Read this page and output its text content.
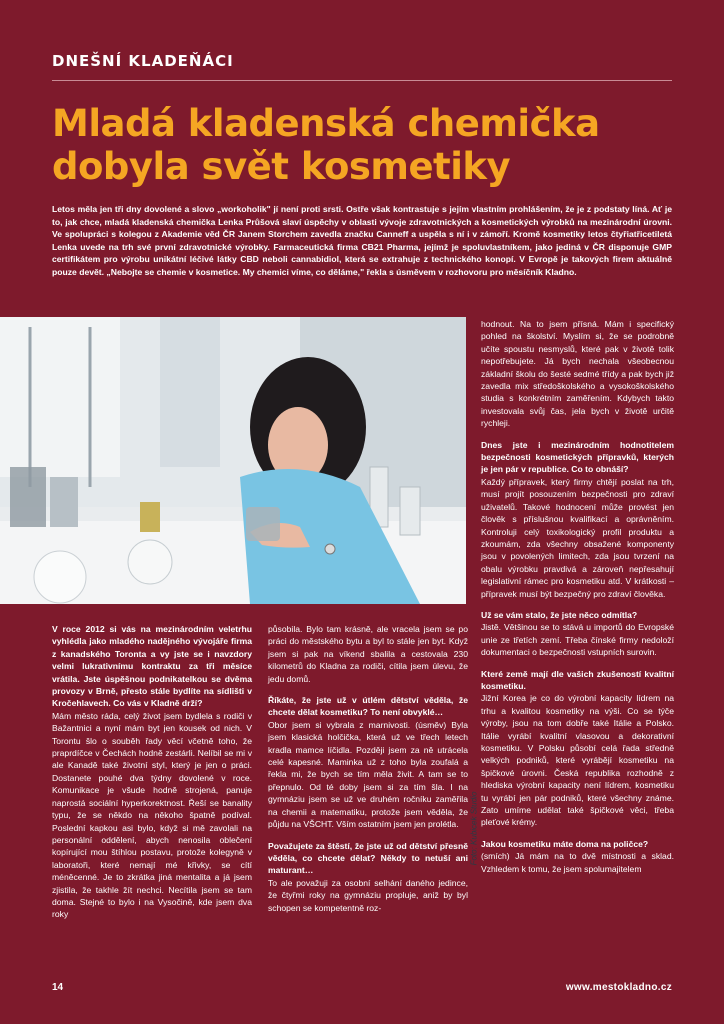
DNEŠNÍ KLADEŇÁCI
Mladá kladenská chemička
dobyla svět kosmetiky

Letos měla jen tři dny dovolené a slovo „workoholik" jí není proti srsti. Ostře však kontrastuje s jejím vlastním prohlášením, že je z podstaty líná. Ať je to, jak chce, mladá kladenská chemička Lenka Průšová slaví úspěchy v oblasti vývoje zdravotnických a kosmetických výrobků na mezinárodní úrovni. Ve spolupráci s kolegou z Akademie věd ČR Janem Storchem zavedla značku Canneff a uspěla s ní i v zámoří. Kromě kosmetiky letos čtyřiatřicetiletá Lenka uvede na trh své první zdravotnické výrobky. Farmaceutická firma CB21 Pharma, jejímž je spoluvlastníkem, jako jediná v ČR disponuje GMP certifikátem pro výrobu unikátní léčivé látky CBD neboli cannabidiol, která se extrahuje z technického konopí. V Evropě je takových firem aktuálně pouze devět. „Nebojte se chemie v kosmetice. My chemici víme, co děláme," řekla s úsměvem v rozhovoru pro měsíčník Kladno.

Foto: Kubicek Studio

hodnout. Na to jsem přísná. Mám i specifický pohled na školství. Myslím si, že se podrobně učíte spoustu nesmyslů, které pak v životě tolik nepotřebujete. Já bych nechala všeobecnou základní školu do šesté sedmé třídy a pak bych již zavedla mix středoškolského a vysokoškolského studia s konkrétním zaměřením. Kdybych takto investovala svůj čas, jela bych v životě určitě rychleji.

Dnes jste i mezinárodním hodnotitelem bezpečnosti kosmetických přípravků, kterých je jen pár v republice. Co to obnáší?
Každý přípravek, který firmy chtějí poslat na trh, musí projít posouzením bezpečnosti pro zdraví uživatelů. Takové hodnocení může provést jen člověk s příslušnou kvalifikací a oprávněním. Kontroluji celý toxikologický profil produktu a zkoumám, zda všechny obsažené komponenty jsou v povolených limitech, zda jsou tvrzení na obalu výrobku pravdivá a zároveň nepřesahují legislativní rámec pro kosmetiku atd. V krátkosti – přípravek musí být bezpečný pro zdraví člověka.

Už se vám stalo, že jste něco odmítla?
Jistě. Většinou se to stává u importů do Evropské unie ze třetích zemí. Třeba čínské firmy nedoloží dokumentaci o bezpečnosti vstupních surovin.

Které země mají dle vašich zkušeností kvalitní kosmetiku.
Jižní Korea je co do výrobní kapacity lídrem na trhu a kvalitou kosmetiky na výši. Co se týče výroby, jsou na tom dobře také Itálie a Polsko. Itálie vyrábí kvalitní vlasovou a dekorativní kosmetiku. V Polsku působí celá řada středně velkých podniků, které vyrábějí kosmetiku na špičkové úrovni. Česká republika rozhodně z hlediska výrobní kapacity není lídrem, kosmetiku tu vyrábí jen pár podniků, které všechny známe. Zato umíme udělat také špičkové věci, třeba pleťové krémy.

Jakou kosmetiku máte doma na poličce?
(smích) Já mám na to dvě místnosti a sklad. Vzhledem k tomu, že jsem spolumajitelem

V roce 2012 si vás na mezinárodním veletrhu vyhlédla jako mladého nadějného vývojáře firma z kanadského Toronta a vy jste se i navzdory velmi lukrativnímu kontraktu za tři měsíce vrátila. Jste úspěšnou podnikatelkou se dvěma provozy v Brně, přesto stále bydlíte na sídlišti v Kročehlavech. Co vás v Kladně drží?
Mám město ráda, celý život jsem bydlela s rodiči v Bažantnici a nyní mám byt jen kousek od nich. V Torontu šlo o souběh řady věcí včetně toho, že praprdíčce v Čechách hodně zestárli. Nelíbil se mi v ale Kanadě také životní styl, který je jen o práci. Dostanete pouhé dva týdny dovolené v roce. Komunikace je všude hodně strojená, panuje naprostá sociální hyperkorektnost. Řeší se banality typu, že se někdo na někoho špatně podíval. Poslední kapkou asi bylo, když si mě zavolali na personální oddělení, abych nenosila oblečení kopírující mou štíhlou postavu, protože kolegyně v laboratoři, které nemají mé křivky, se cítí méněcenné. Je to zkrátka jiná mentalita a já jsem zjistila, že takhle žít nechci. Necítila jsem se tam doma. Stejné to bylo i na Vysočině, kde jsem dva roky

působila. Bylo tam krásně, ale vracela jsem se po práci do městského bytu a byl to stále jen byt. Když jsem si pak na víkend sbalila a cestovala 230 kilometrů do Kladna za rodiči, cítila jsem úlevu, že jedu domů.

Říkáte, že jste už v útlém dětství věděla, že chcete dělat kosmetiku? To není obvyklé…
Obor jsem si vybrala z marnivosti. (úsměv) Byla jsem klasická holčička, která už ve třech letech kradla mamce líčidla. Později jsem za ně utrácela celé kapesné. Maminka už z toho byla zoufalá a řekla mi, že bych se tím měla živit. A tam se to přepnulo. Od té doby jsem si za tím šla. I na gymnáziu jsem se už ve druhém ročníku zaměřila na chemii a matematiku, protože jsem věděla, že půjdu na VŠCHT. Vším ostatním jsem jen prolétla.

Považujete za štěstí, že jste už od dětství přesně věděla, co chcete dělat? Někdy to netuší ani maturant…
To ale považuji za osobní selhání daného jedince, že čtyřmi roky na gymnáziu proplujе, aniž by byl schopen se kompetentně roz-

14	www.mestokladno.cz
